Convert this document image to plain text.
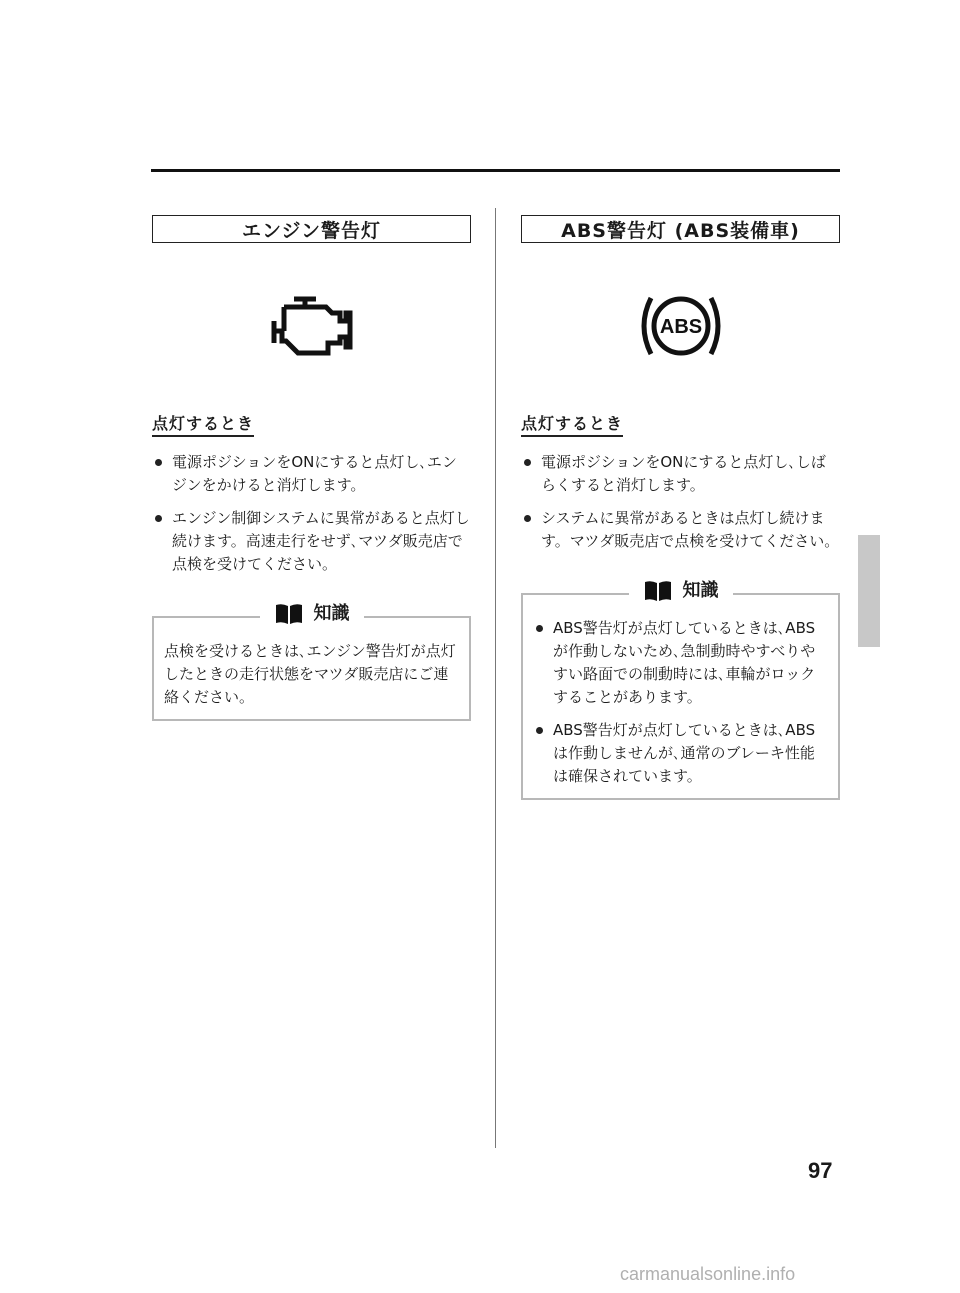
エンジン警告灯
点灯するとき
電源ポジションをONにすると点灯し､エンジンをかけると消灯します。
エンジン制御システムに異常があると点灯し続けます。高速走行をせず､マツダ販売店で点検を受けてください。
知識
点検を受けるときは､エンジン警告灯が点灯したときの走行状態をマツダ販売店にご連絡ください。
ABS警告灯 (ABS装備車)
ABS
点灯するとき
電源ポジションをONにすると点灯し､しばらくすると消灯します。
システムに異常があるときは点灯し続けます。マツダ販売店で点検を受けてください。
知識
ABS警告灯が点灯しているときは､ABSが作動しないため､急制動時やすべりやすい路面での制動時には､車輪がロックすることがあります。
ABS警告灯が点灯しているときは､ABSは作動しませんが､通常のブレーキ性能は確保されています。
97
carmanualsonline.info
